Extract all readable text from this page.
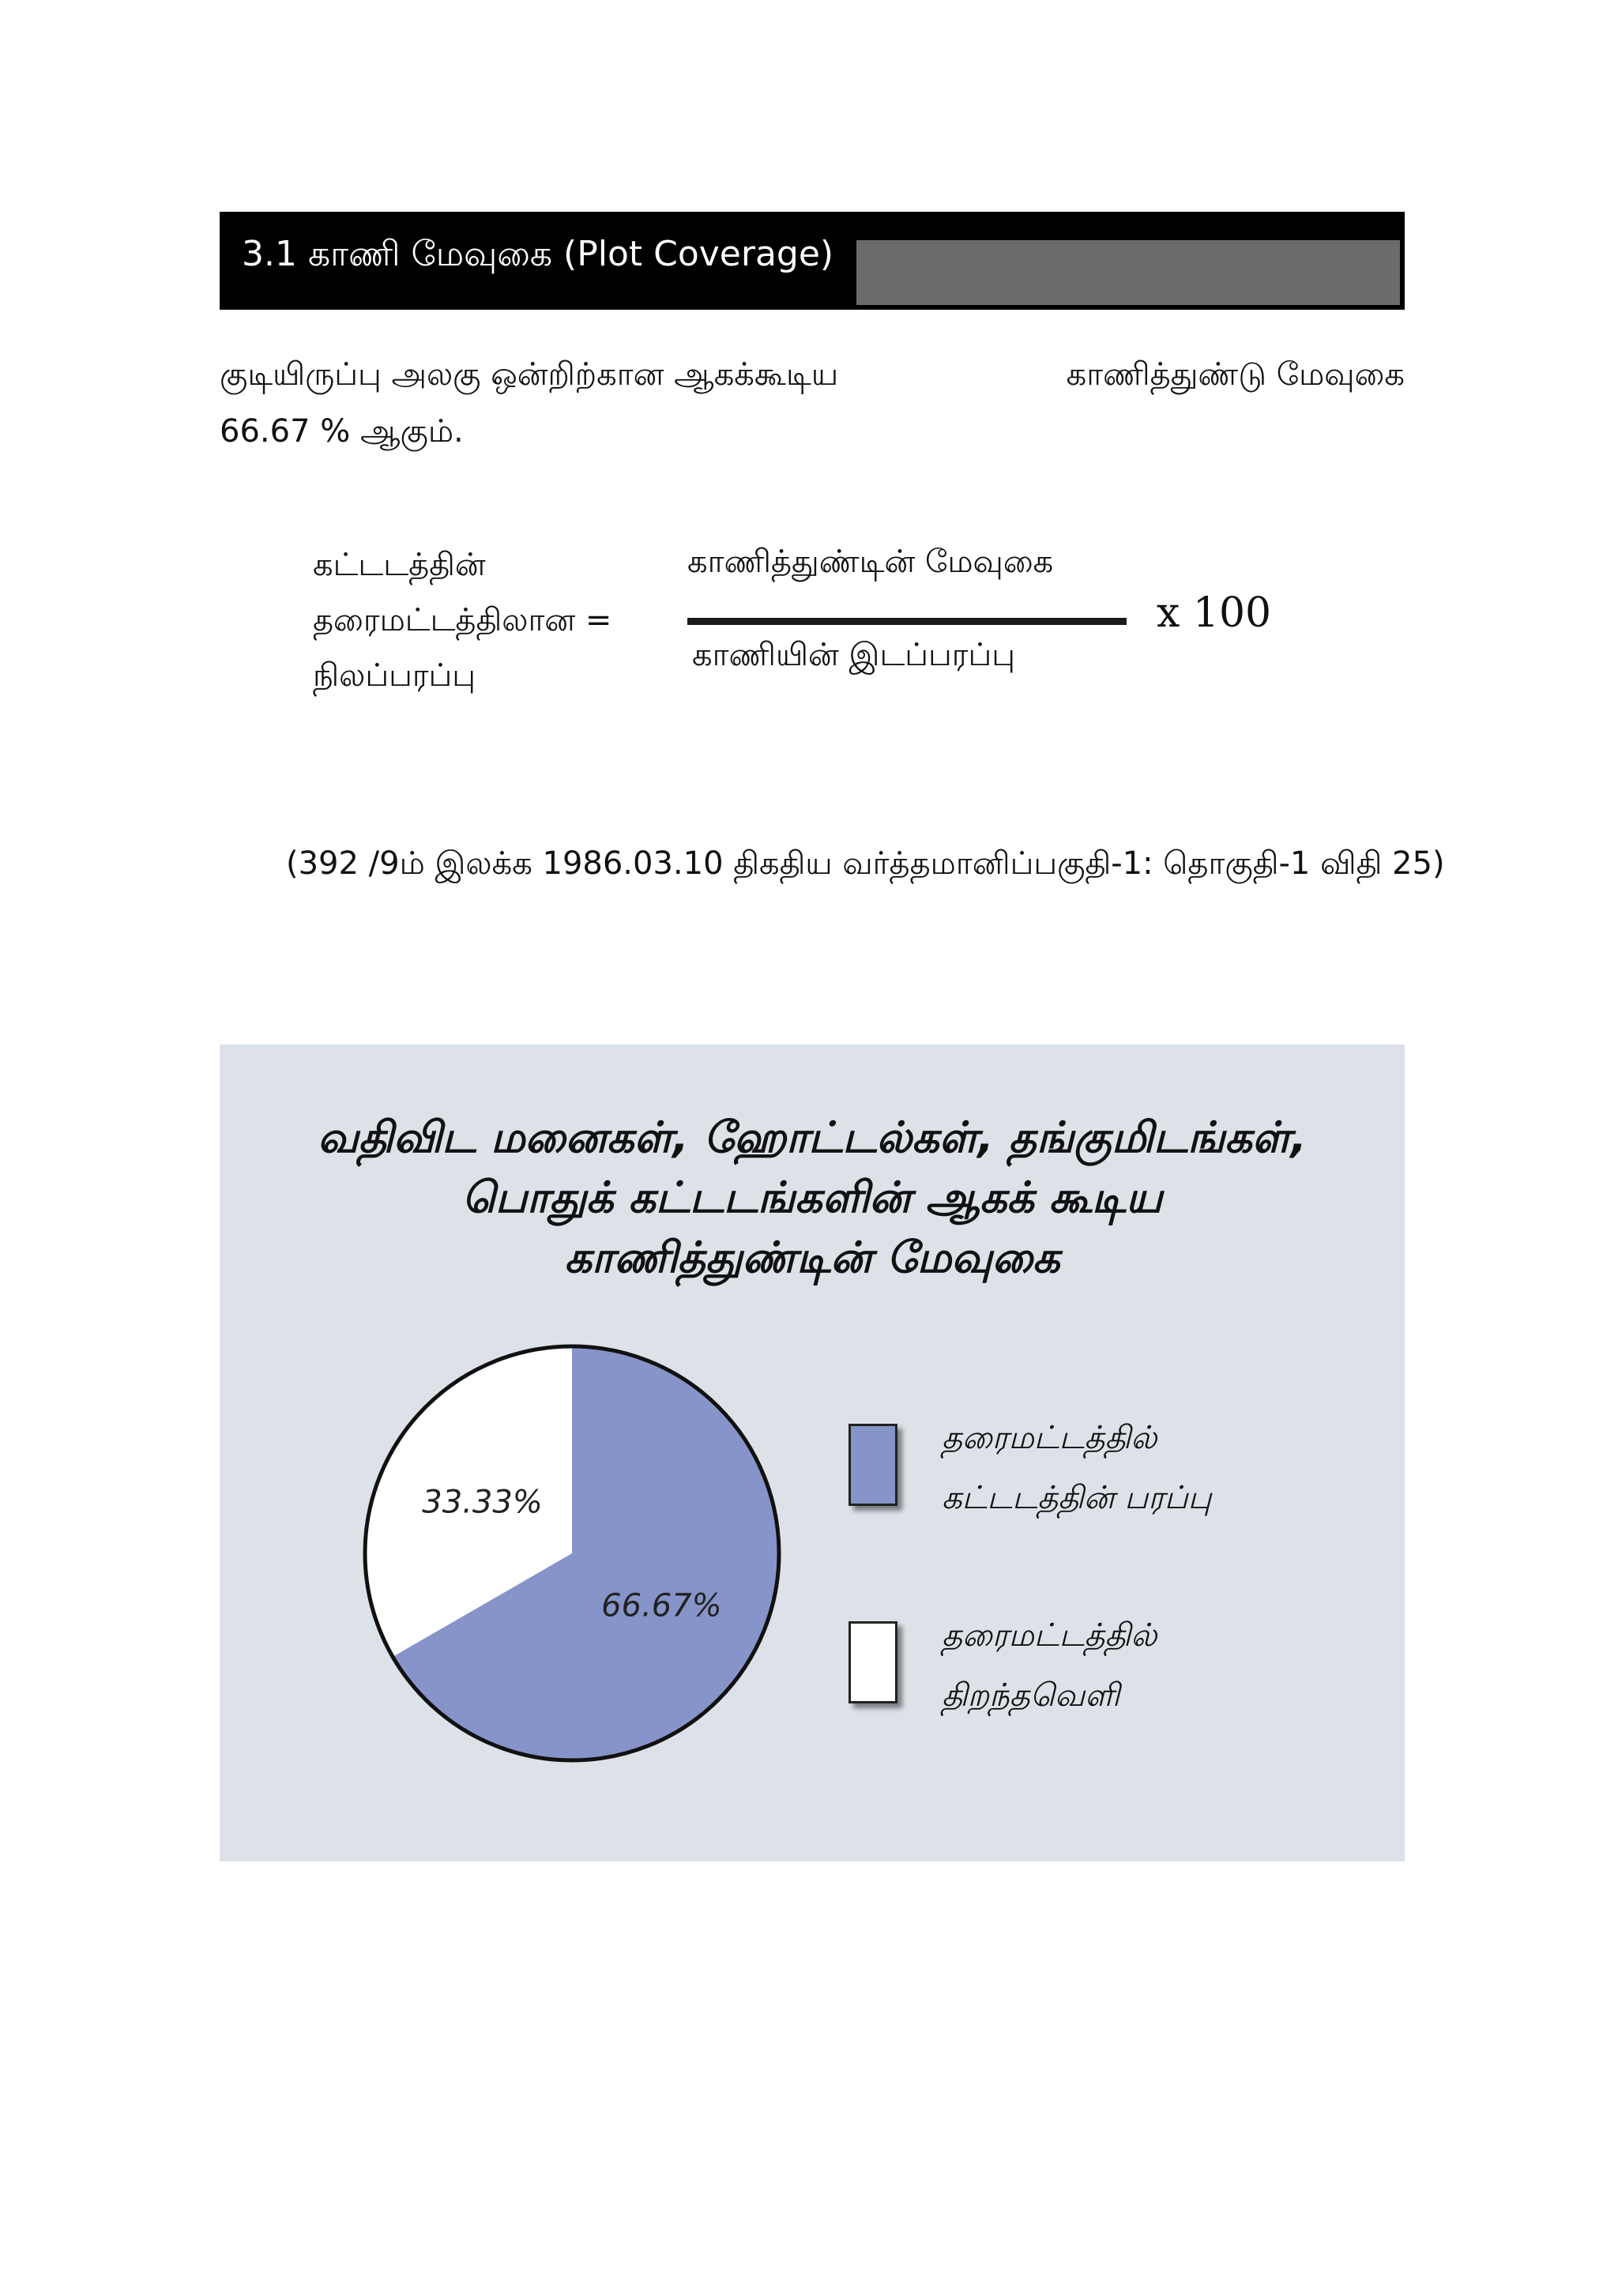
3.1 காணி மேவுகை (Plot Coverage)
குடியிருப்பு அலகு ஒன்றிற்கான ஆகக்கூடிய	காணித்துண்டு மேவுகை
66.67 % ஆகும்.
கட்டடத்தின்
தரைமட்டத்திலான =
நிலப்பரப்பு
காணித்துண்டின் மேவுகை
காணியின் இடப்பரப்பு
x 100
(392 /9ம் இலக்க 1986.03.10 திகதிய வர்த்தமானிப்பகுதி-1: தொகுதி-1 விதி 25)
66.67%
33.33%
வதிவிட மனைகள், ஹோட்டல்கள், தங்குமிடங்கள்,
பொதுக் கட்டடங்களின் ஆகக் கூடிய
காணித்துண்டின் மேவுகை
தரைமட்டத்தில்
கட்டடத்தின் பரப்பு
தரைமட்டத்தில்
திறந்தவெளி
